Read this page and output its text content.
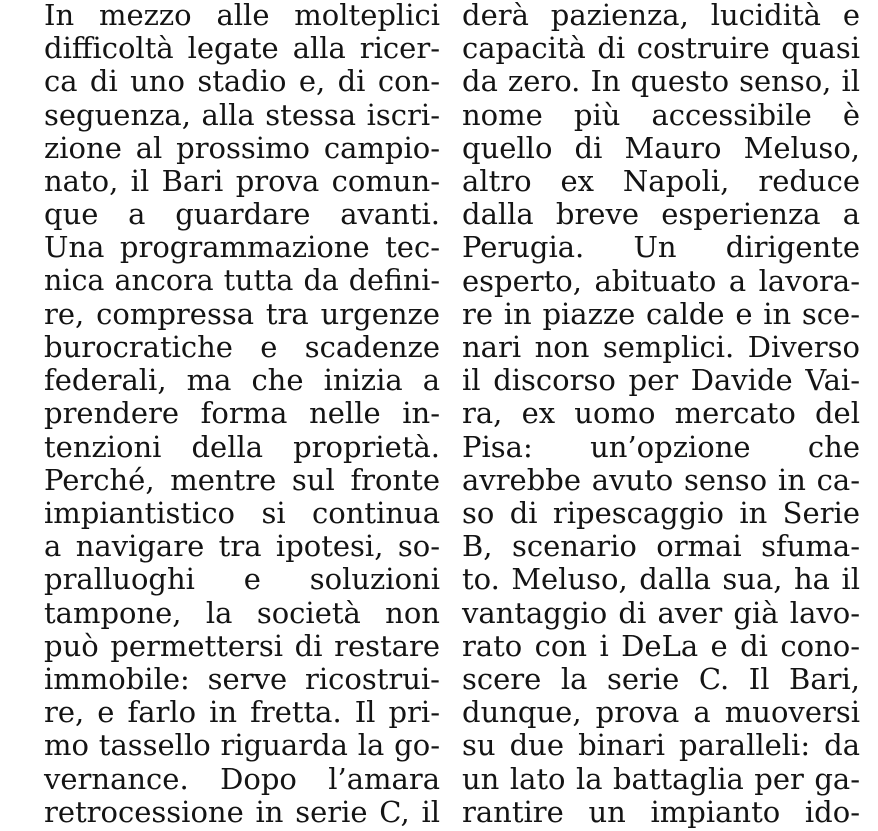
In mezzo alle molteplici
difficoltà legate alla ricer-
ca di uno stadio e, di con-
seguenza, alla stessa iscri-
zione al prossimo campio-
nato, il Bari prova comun-
que a guardare avanti.
Una programmazione tec-
nica ancora tutta da defini-
re, compressa tra urgenze
burocratiche e scadenze
federali, ma che inizia a
prendere forma nelle in-
tenzioni della proprietà.
Perché, mentre sul fronte
impiantistico si continua
a navigare tra ipotesi, so-
pralluoghi e soluzioni
tampone, la società non
può permettersi di restare
immobile: serve ricostrui-
re, e farlo in fretta. Il pri-
mo tassello riguarda la go-
vernance. Dopo l’amara
retrocessione in serie C, il
derà pazienza, lucidità e
capacità di costruire quasi
da zero. In questo senso, il
nome più accessibile è
quello di Mauro Meluso,
altro ex Napoli, reduce
dalla breve esperienza a
Perugia. Un dirigente
esperto, abituato a lavora-
re in piazze calde e in sce-
nari non semplici. Diverso
il discorso per Davide Vai-
ra, ex uomo mercato del
Pisa: un’opzione che
avrebbe avuto senso in ca-
so di ripescaggio in Serie
B, scenario ormai sfuma-
to. Meluso, dalla sua, ha il
vantaggio di aver già lavo-
rato con i DeLa e di cono-
scere la serie C. Il Bari,
dunque, prova a muoversi
su due binari paralleli: da
un lato la battaglia per ga-
rantire un impianto ido-
